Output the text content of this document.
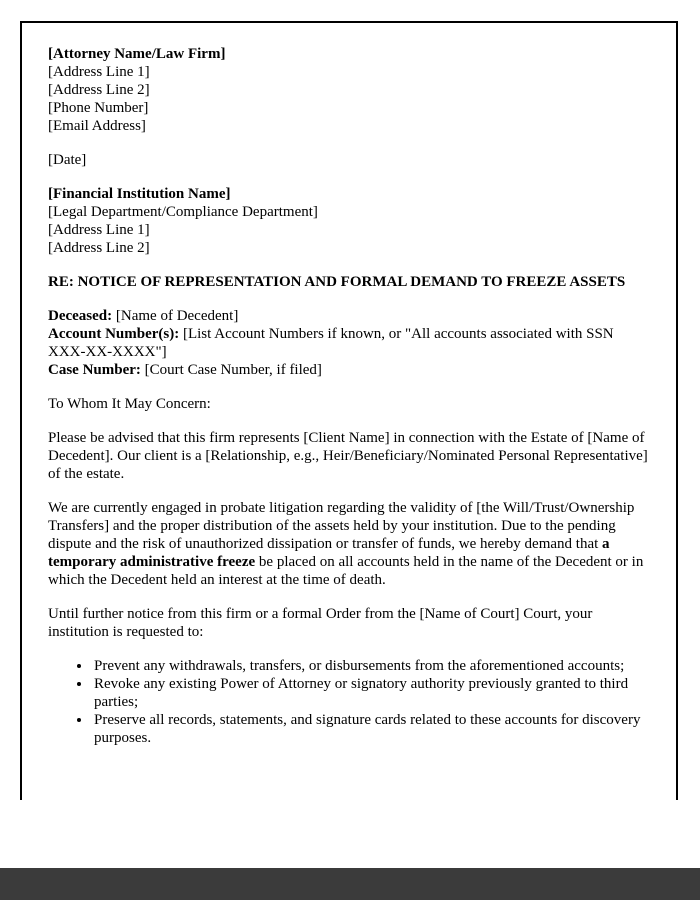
[Attorney Name/Law Firm]
[Address Line 1]
[Address Line 2]
[Phone Number]
[Email Address]

[Date]

[Financial Institution Name]
[Legal Department/Compliance Department]
[Address Line 1]
[Address Line 2]

RE: NOTICE OF REPRESENTATION AND FORMAL DEMAND TO FREEZE ASSETS

Deceased: [Name of Decedent]
Account Number(s): [List Account Numbers if known, or "All accounts associated with SSN XXX-XX-XXXX"]
Case Number: [Court Case Number, if filed]

To Whom It May Concern:

Please be advised that this firm represents [Client Name] in connection with the Estate of [Name of Decedent]. Our client is a [Relationship, e.g., Heir/Beneficiary/Nominated Personal Representative] of the estate.

We are currently engaged in probate litigation regarding the validity of [the Will/Trust/Ownership Transfers] and the proper distribution of the assets held by your institution. Due to the pending dispute and the risk of unauthorized dissipation or transfer of funds, we hereby demand that a temporary administrative freeze be placed on all accounts held in the name of the Decedent or in which the Decedent held an interest at the time of death.

Until further notice from this firm or a formal Order from the [Name of Court] Court, your institution is requested to:

• Prevent any withdrawals, transfers, or disbursements from the aforementioned accounts;
• Revoke any existing Power of Attorney or signatory authority previously granted to third parties;
• Preserve all records, statements, and signature cards related to these accounts for discovery purposes.
